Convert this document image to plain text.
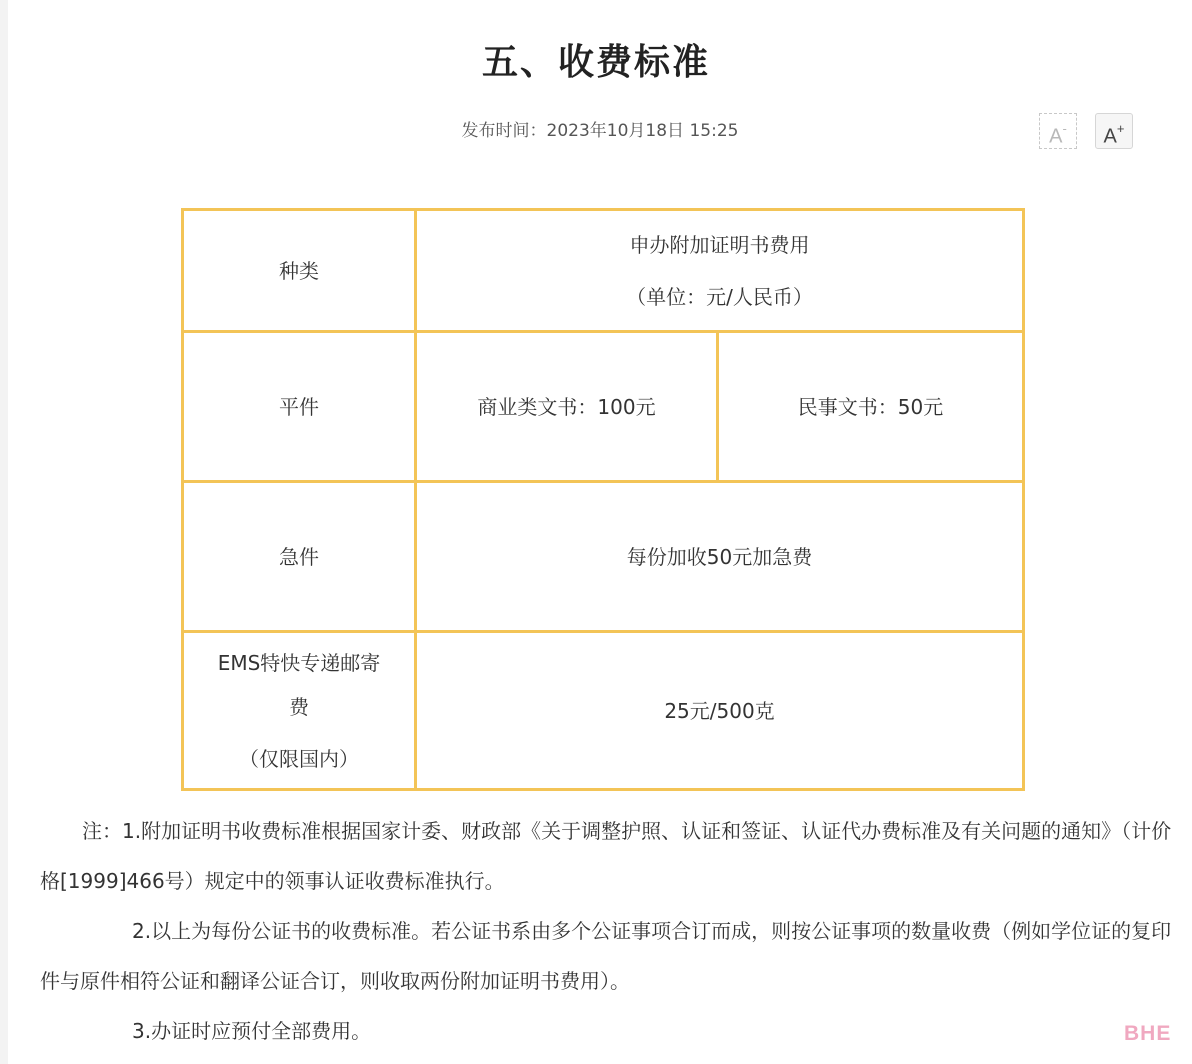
五、收费标准
发布时间：2023年10月18日 15:25	A-	A+
种类	申办附加证明书费用
（单位：元/人民币）	

平件	商业类文书：100元	民事文书：50元
急件	每份加收50元加急费	

EMS特快专递邮寄
费
（仅限国内）	25元/500克	

注：1.附加证明书收费标准根据国家计委、财政部《关于调整护照、认证和签证、认证代办费标准及有关问题的通知》（计价格[1999]466号）规定中的领事认证收费标准执行。

2.以上为每份公证书的收费标准。若公证书系由多个公证事项合订而成，则按公证事项的数量收费（例如学位证的复印件与原件相符公证和翻译公证合订，则收取两份附加证明书费用）。

3.办证时应预付全部费用。	BHE
